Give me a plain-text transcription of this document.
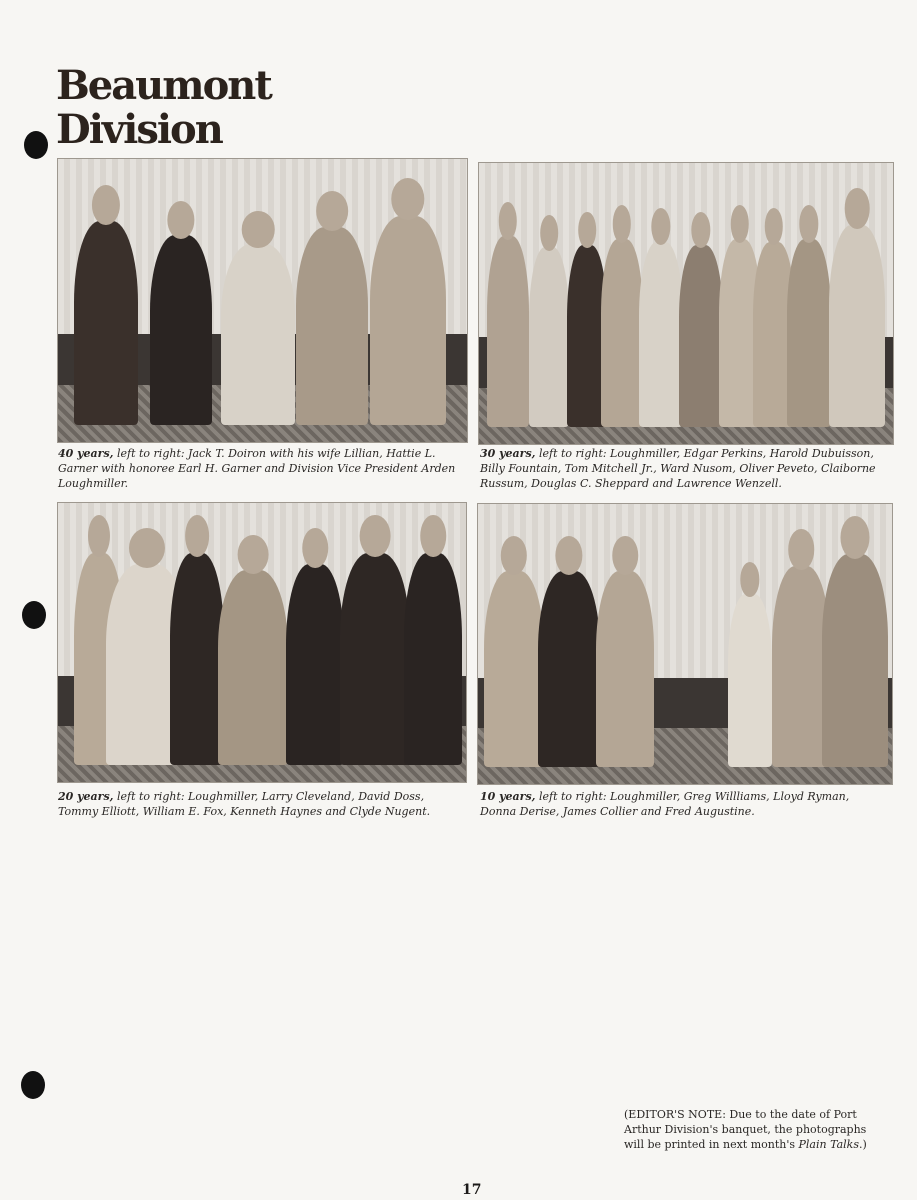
Beaumont
Division
40 years, left to right: Jack T. Doiron with his wife Lillian, Hattie L. Garner with honoree Earl H. Garner and Division Vice President Arden Loughmiller.
30 years, left to right: Loughmiller, Edgar Perkins, Harold Dubuisson, Billy Fountain, Tom Mitchell Jr., Ward Nusom, Oliver Peveto, Claiborne Russum, Douglas C. Sheppard and Lawrence Wenzell.
20 years, left to right: Loughmiller, Larry Cleveland, David Doss, Tommy Elliott, William E. Fox, Kenneth Haynes and Clyde Nugent.
10 years, left to right: Loughmiller, Greg Willliams, Lloyd Ryman, Donna Derise, James Collier and Fred Augustine.
(EDITOR'S NOTE: Due to the date of Port Arthur Division's banquet, the photographs will be printed in next month's Plain Talks.)
17
